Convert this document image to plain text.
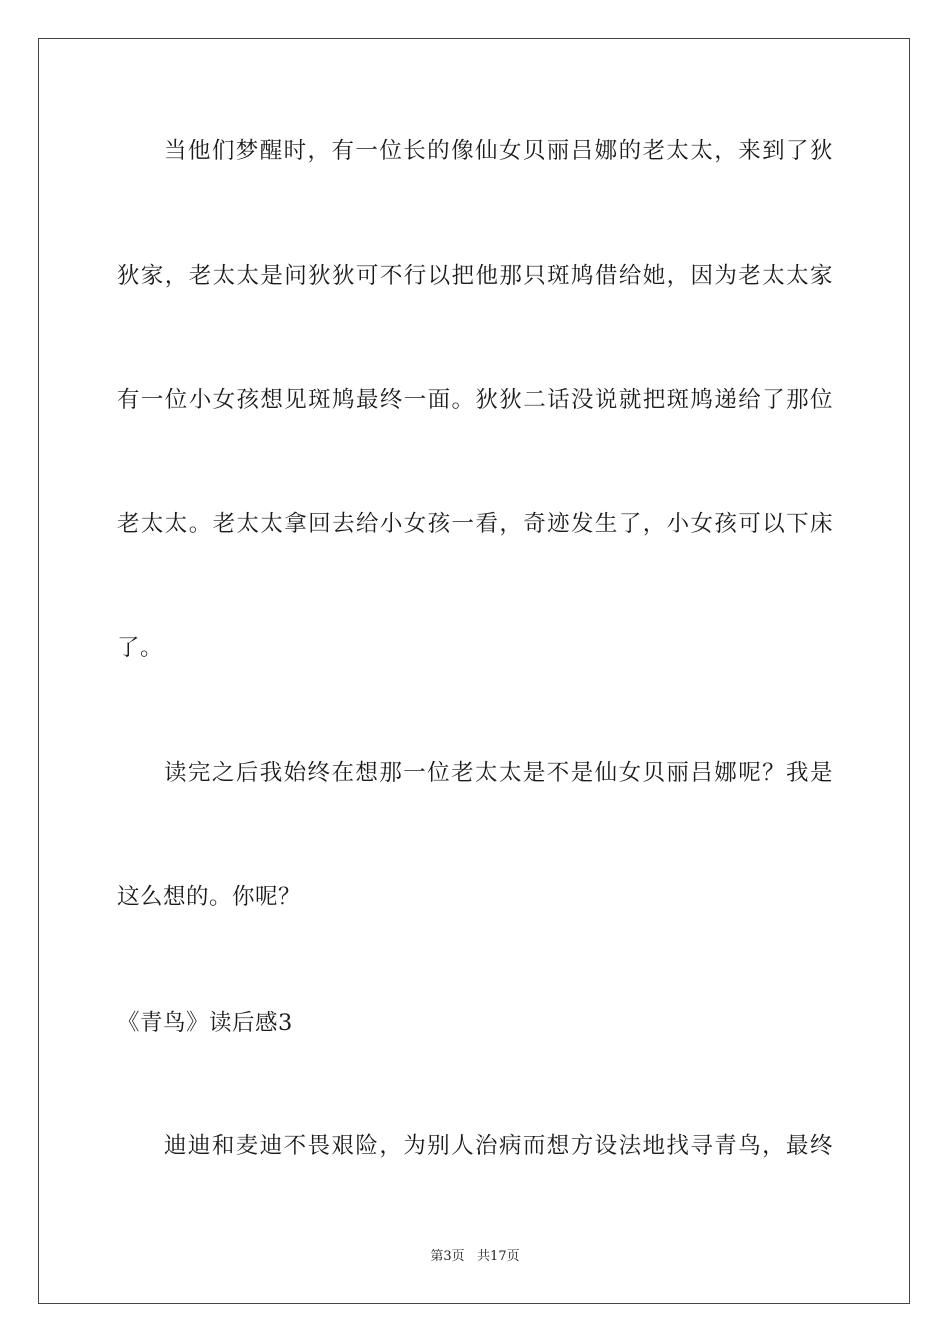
当他们梦醒时，有一位长的像仙女贝丽吕娜的老太太，来到了狄
狄家，老太太是问狄狄可不行以把他那只斑鸠借给她，因为老太太家
有一位小女孩想见斑鸠最终一面。狄狄二话没说就把斑鸠递给了那位
老太太。老太太拿回去给小女孩一看，奇迹发生了，小女孩可以下床
了。
读完之后我始终在想那一位老太太是不是仙女贝丽吕娜呢？我是
这么想的。你呢？
《青鸟》读后感3
迪迪和麦迪不畏艰险，为别人治病而想方设法地找寻青鸟，最终
第3页   共17页
